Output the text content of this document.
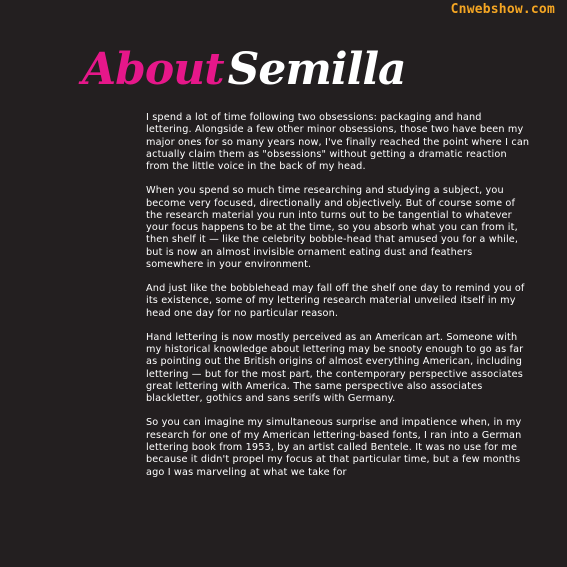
Cnwebshow.com
AboutSemilla

I spend a lot of time following two obsessions: packaging and hand lettering. Alongside a few other minor obsessions, those two have been my major ones for so many years now, I've finally reached the point where I can actually claim them as "obsessions" without getting a dramatic reaction from the little voice in the back of my head.

When you spend so much time researching and studying a subject, you become very focused, directionally and objectively. But of course some of the research material you run into turns out to be tangential to whatever your focus happens to be at the time, so you absorb what you can from it, then shelf it — like the celebrity bobble-head that amused you for a while, but is now an almost invisible ornament eating dust and feathers somewhere in your environment.

And just like the bobblehead may fall off the shelf one day to remind you of its existence, some of my lettering research material unveiled itself in my head one day for no particular reason.

Hand lettering is now mostly perceived as an American art. Someone with my historical knowledge about lettering may be snooty enough to go as far as pointing out the British origins of almost everything American, including lettering — but for the most part, the contemporary perspective associates great lettering with America. The same perspective also associates blackletter, gothics and sans serifs with Germany.

So you can imagine my simultaneous surprise and impatience when, in my research for one of my American lettering-based fonts, I ran into a German lettering book from 1953, by an artist called Bentele. It was no use for me because it didn't propel my focus at that particular time, but a few months ago I was marveling at what we take for
